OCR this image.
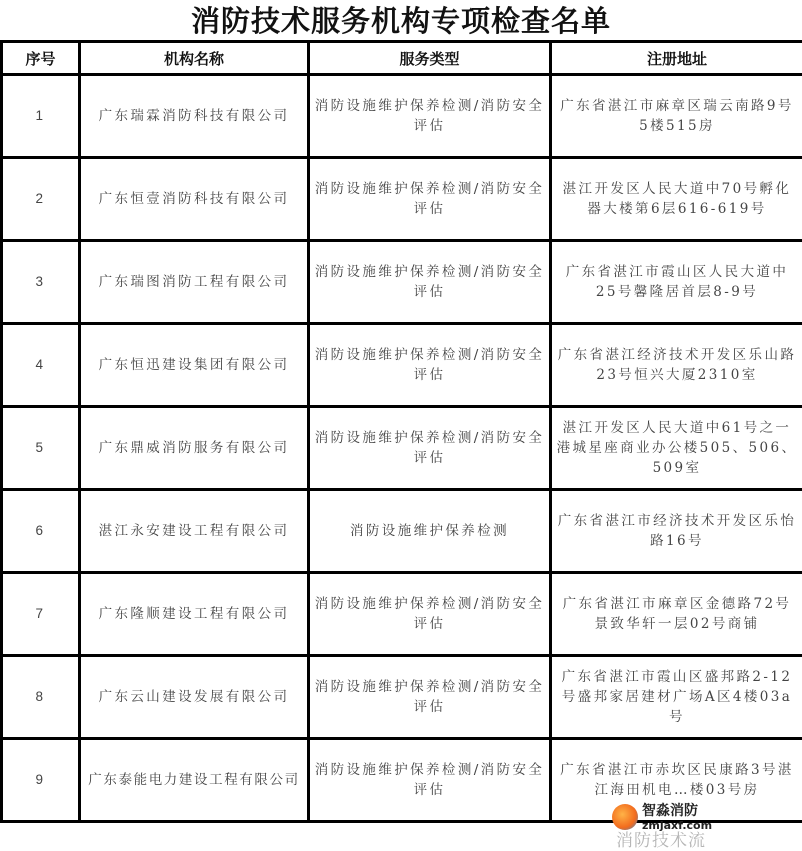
消防技术服务机构专项检查名单
序号	机构名称	服务类型	注册地址
1	广东瑞霖消防科技有限公司	消防设施维护保养检测/消防安全评估	广东省湛江市麻章区瑞云南路9号5楼515房
2	广东恒壹消防科技有限公司	消防设施维护保养检测/消防安全评估	湛江开发区人民大道中70号孵化器大楼第6层616-619号
3	广东瑞图消防工程有限公司	消防设施维护保养检测/消防安全评估	广东省湛江市霞山区人民大道中25号馨隆居首层8-9号
4	广东恒迅建设集团有限公司	消防设施维护保养检测/消防安全评估	广东省湛江经济技术开发区乐山路23号恒兴大厦2310室
5	广东鼎威消防服务有限公司	消防设施维护保养检测/消防安全评估	湛江开发区人民大道中61号之一港城星座商业办公楼505、506、509室
6	湛江永安建设工程有限公司	消防设施维护保养检测	广东省湛江市经济技术开发区乐怡路16号
7	广东隆顺建设工程有限公司	消防设施维护保养检测/消防安全评估	广东省湛江市麻章区金德路72号景致华轩一层02号商铺
8	广东云山建设发展有限公司	消防设施维护保养检测/消防安全评估	广东省湛江市霞山区盛邦路2-12号盛邦家居建材广场A区4楼03a号
9	广东泰能电力建设工程有限公司	消防设施维护保养检测/消防安全评估	广东省湛江市赤坎区民康路3号湛江海田机电…楼03号房
消防技术流
智淼消防
zmjaxf.com
